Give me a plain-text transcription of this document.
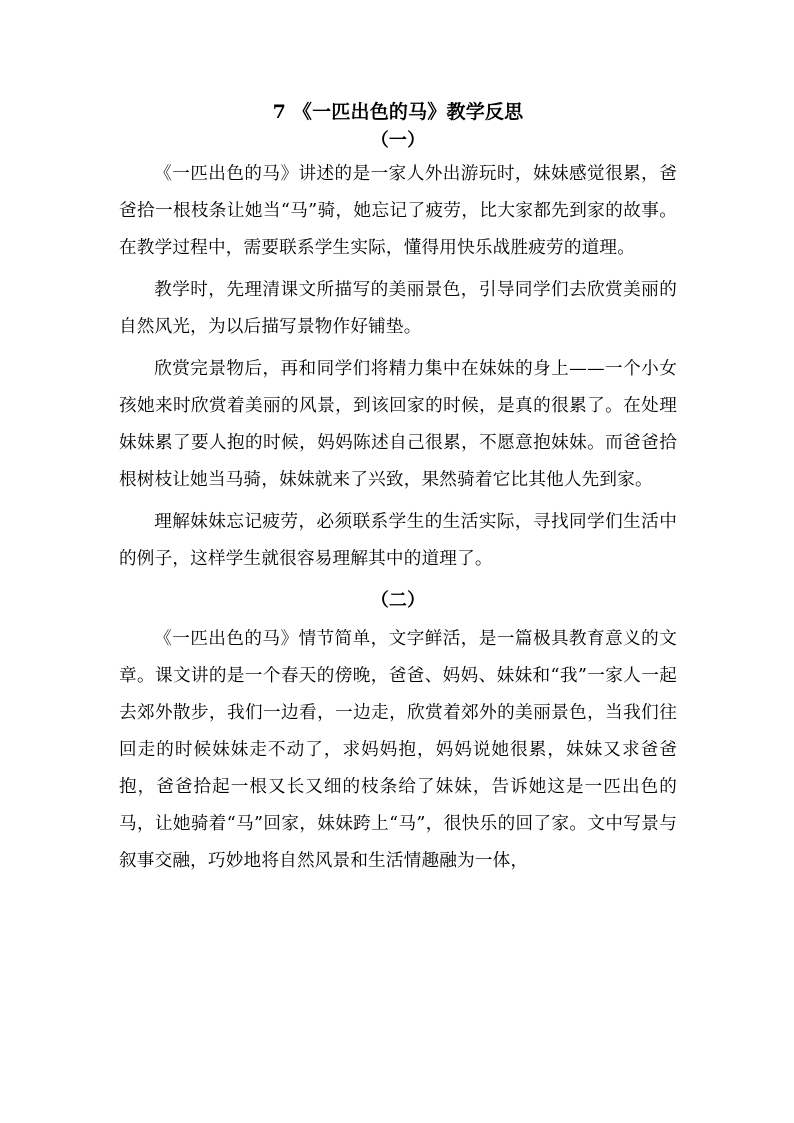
7 《一匹出色的马》教学反思
（一）

《一匹出色的马》讲述的是一家人外出游玩时，妹妹感觉很累，爸爸拾一根枝条让她当“马”骑，她忘记了疲劳，比大家都先到家的故事。在教学过程中，需要联系学生实际，懂得用快乐战胜疲劳的道理。

教学时，先理清课文所描写的美丽景色，引导同学们去欣赏美丽的自然风光，为以后描写景物作好铺垫。

欣赏完景物后，再和同学们将精力集中在妹妹的身上——一个小女孩她来时欣赏着美丽的风景，到该回家的时候，是真的很累了。在处理妹妹累了要人抱的时候，妈妈陈述自己很累，不愿意抱妹妹。而爸爸拾根树枝让她当马骑，妹妹就来了兴致，果然骑着它比其他人先到家。

理解妹妹忘记疲劳，必须联系学生的生活实际，寻找同学们生活中的例子，这样学生就很容易理解其中的道理了。

（二）

《一匹出色的马》情节简单，文字鲜活，是一篇极具教育意义的文章。课文讲的是一个春天的傍晚，爸爸、妈妈、妹妹和“我”一家人一起去郊外散步，我们一边看，一边走，欣赏着郊外的美丽景色，当我们往回走的时候妹妹走不动了，求妈妈抱，妈妈说她很累，妹妹又求爸爸抱，爸爸拾起一根又长又细的枝条给了妹妹，告诉她这是一匹出色的马，让她骑着“马”回家，妹妹跨上“马”，很快乐的回了家。文中写景与叙事交融，巧妙地将自然风景和生活情趣融为一体，
